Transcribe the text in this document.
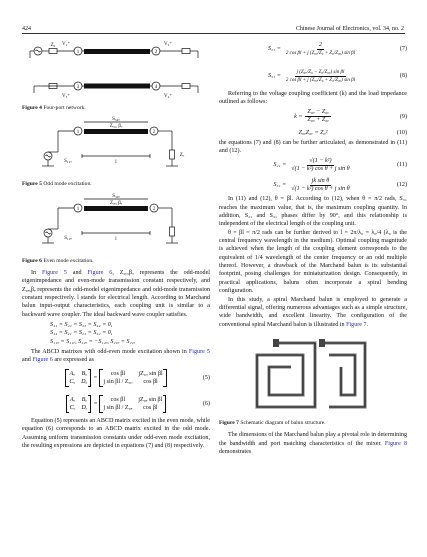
424	Chinese Journal of Electronics, vol. 34, no. 2
1	2
3	4
V₁⁺	V₂⁺
V₃⁺	V₄⁺
Z₀
Figure 4 Four-port network.
1	2
Zₒ₀, βₒ
S₃₄ₒ
l
Zₒ
S₁₂ₒ
Figure 5 Odd mode excitation.
1	2
Zₒₑ, βₑ
S₃₄ₑ
l
S₁₂ₑ
Figure 6 Even mode excitation.

In Figure 5 and Figure 6, Z₀ₒ,βₒ represents the odd-model eigenimpedance and even-mode transmission constant respectively, and Z₀ₑ,βₑ represents the odd-model eigenimpedance and odd-mode transmission constant respectively. l stands for electrical length. According to Marchand balun input-output characteristics, each coupling unit is similar to a backward wave coupler. The ideal backward wave coupler satisfies.

S₁₁ = S₂₂ = S₃₃ = S₄₄ = 0,
S₁₄ = S₄₁ = S₂₃ = S₃₂ = 0,
S₁₁ₒ = S₁₁ₑ, S₁₂ₒ = −S₁₂ₑ, S₂₁ₒ = S₂₁ₑ

The ABCD matrixes with odd-even mode excitation shown in Figure 5 and Figure 6 are expressed as

Aₒ Bₒ
Cₒ Dₒ
=
cos βl	jZ₀ₒ sin βl
j sin βl / Z₀ₒ	cos βl
(5)
Aₑ Bₑ
Cₑ Dₑ
=
cos βl	jZ₀ₑ sin βl
j sin βl / Z₀ₑ	cos βl
(6)

Equation (5) represents an ABCD matrix excited in the even mode, while equation (6) corresponds to an ABCD matrix excited in the odd mode. Assuming uniform transmission constants under odd-even mode excitation, the resulting expressions are depicted in equations (7) and (8) respectively.

$S_{21} = \frac{2}{\text{2 cos βl + j (Z₀ₒ/Z₀ + Z₀/Z₀ₒ) sin βl}}$	(7)
$S_{31} = \frac{\text{j (Z₀ₒ/Z₀ − Z₀/Z₀ₒ) sin βl}}{\text{2 cos βl + j (Z₀ₒ/Z₀ + Z₀/Z₀ₒ) sin βl}}$	(8)

Referring to the voltage coupling coefficient (k) and the load impedance outlined as follows:

$k = \frac{\text{Z₀ₒ − Z₀ₑ}}{\text{Z₀ₒ + Z₀ₑ}}$	(9)
Z₀ₒZ₀ₑ = Z₀²	(10)

the equations (7) and (8) can be further articulated, as demonstrated in (11) and (12).

$S_{21} = \frac{\text{√(1 − k²)}}{\text{√(1 − k²) cos θ + j sin θ}}$	(11)
$S_{31} = \frac{\text{jk sin θ}}{\text{√(1 − k²) cos θ + j sin θ}}$	(12)

In (11) and (12), θ = βl. According to (12), when θ = π/2 rads, S₃₁ reaches the maximum value, that is, the maximum coupling quantity. In addition, S₂₁ and S₃₁ phases differ by 90°, and this relationship is independent of the electrical length of the coupling unit.

θ = βl = π/2 rads can be further derived to l = 2π/λ₀ = λ₀/4 (λ₀ is the central frequency wavelength in the medium). Optimal coupling magnitude is achieved when the length of the coupling element corresponds to the equivalent of 1/4 wavelength of the center frequency or an odd multiple thereof. However, a drawback of the Marchand balun is its substantial footprint, posing challenges for miniaturization design. Consequently, in practical applications, baluns often incorporate a spiral bending configuration.

In this study, a spiral Marchand balun is employed to generate a differential signal, offering numerous advantages such as a simple structure, wide bandwidth, and excellent linearity. The configuration of the conventional spiral Marchand balun is illustrated in Figure 7.

Figure 7 Schematic diagram of balun structure.

The dimensions of the Marchand balun play a pivotal role in determining the bandwidth and port matching characteristics of the mixer. Figure 8 demonstrates
